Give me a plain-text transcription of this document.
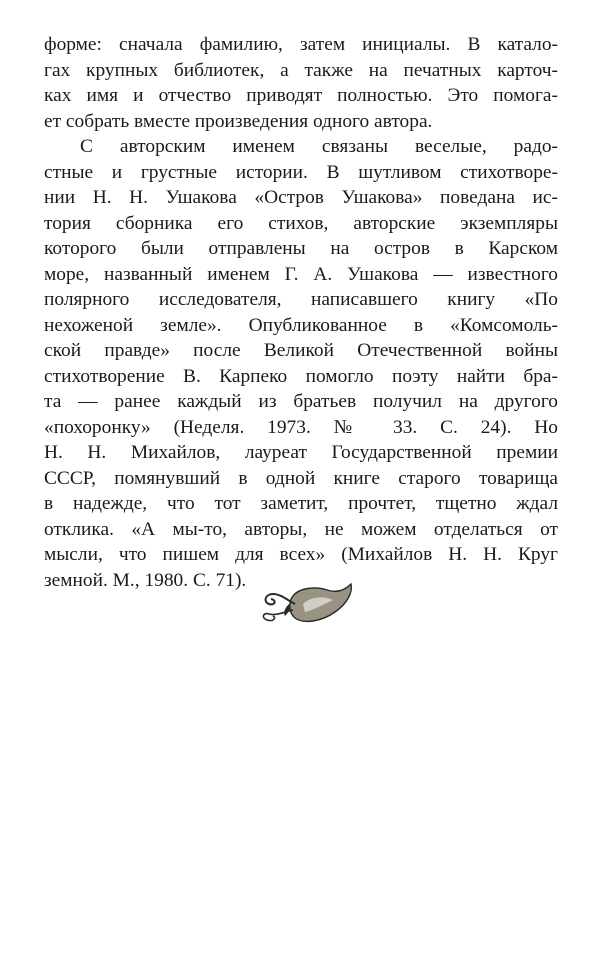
форме: сначала фамилию, затем инициалы. В катало-
гах крупных библиотек, а также на печатных карточ-
ках имя и отчество приводят полностью. Это помога-
ет собрать вместе произведения одного автора.
С авторским именем связаны веселые, радо-
стные и грустные истории. В шутливом стихотворе-
нии Н. Н. Ушакова «Остров Ушакова» поведана ис-
тория сборника его стихов, авторские экземпляры
которого были отправлены на остров в Карском
море, названный именем Г. А. Ушакова — известного
полярного исследователя, написавшего книгу «По
нехоженой земле». Опубликованное в «Комсомоль-
ской правде» после Великой Отечественной войны
стихотворение В. Карпеко помогло поэту найти бра-
та — ранее каждый из братьев получил на другого
«похоронку» (Неделя. 1973. № 33. С. 24). Но
Н. Н. Михайлов, лауреат Государственной премии
СССР, помянувший в одной книге старого товарища
в надежде, что тот заметит, прочтет, тщетно ждал
отклика. «А мы-то, авторы, не можем отделаться от
мысли, что пишем для всех» (Михайлов Н. Н. Круг
земной. М., 1980. С. 71).
